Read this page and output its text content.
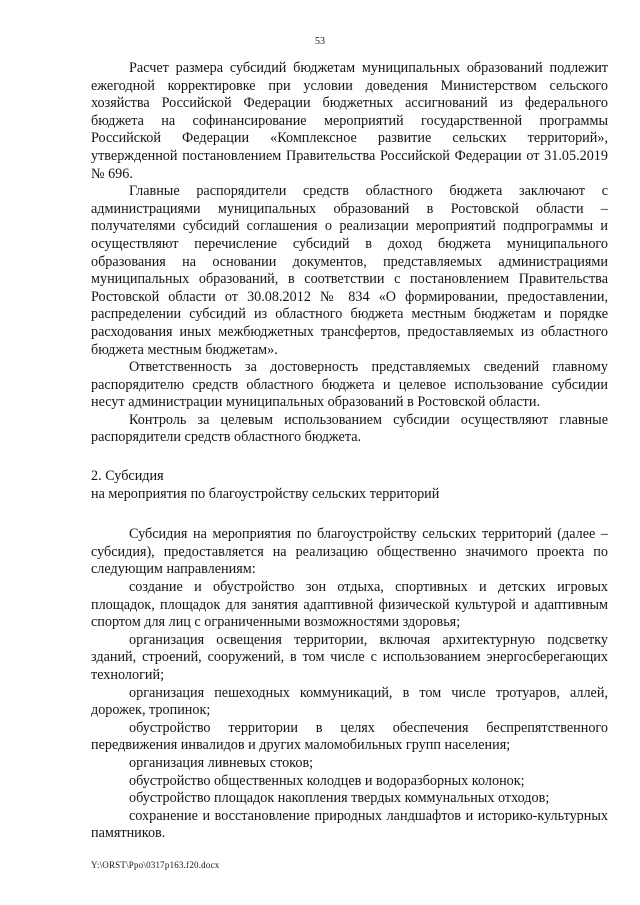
53

Расчет размера субсидий бюджетам муниципальных образований подлежит ежегодной корректировке при условии доведения Министерством сельского хозяйства Российской Федерации бюджетных ассигнований из федерального бюджета на софинансирование мероприятий государственной программы Российской Федерации «Комплексное развитие сельских территорий», утвержденной постановлением Правительства Российской Федерации от 31.05.2019 № 696.

Главные распорядители средств областного бюджета заключают с администрациями муниципальных образований в Ростовской области – получателями субсидий соглашения о реализации мероприятий подпрограммы и осуществляют перечисление субсидий в доход бюджета муниципального образования на основании документов, представляемых администрациями муниципальных образований, в соответствии с постановлением Правительства Ростовской области от 30.08.2012 № 834 «О формировании, предоставлении, распределении субсидий из областного бюджета местным бюджетам и порядке расходования иных межбюджетных трансфертов, предоставляемых из областного бюджета местным бюджетам».

Ответственность за достоверность представляемых сведений главному распорядителю средств областного бюджета и целевое использование субсидии несут администрации муниципальных образований в Ростовской области.

Контроль за целевым использованием субсидии осуществляют главные распорядители средств областного бюджета.

2. Субсидия

на мероприятия по благоустройству сельских территорий

Субсидия на мероприятия по благоустройству сельских территорий (далее – субсидия), предоставляется на реализацию общественно значимого проекта по следующим направлениям:

создание и обустройство зон отдыха, спортивных и детских игровых площадок, площадок для занятия адаптивной физической культурой и адаптивным спортом для лиц с ограниченными возможностями здоровья;

организация освещения территории, включая архитектурную подсветку зданий, строений, сооружений, в том числе с использованием энергосберегающих технологий;

организация пешеходных коммуникаций, в том числе тротуаров, аллей, дорожек, тропинок;

обустройство территории в целях обеспечения беспрепятственного передвижения инвалидов и других маломобильных групп населения;

организация ливневых стоков;

обустройство общественных колодцев и водоразборных колонок;

обустройство площадок накопления твердых коммунальных отходов;

сохранение и восстановление природных ландшафтов и историко-культурных памятников.

Y:\ORST\Ppo\0317p163.f20.docx
